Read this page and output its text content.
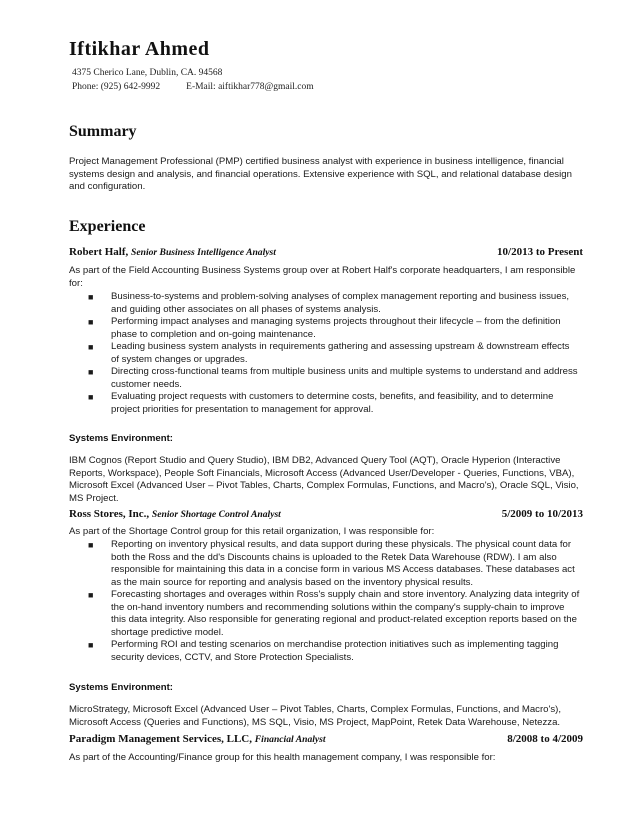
Iftikhar Ahmed
4375 Cherico Lane, Dublin, CA. 94568
Phone: (925) 642-9992	E-Mail: aiftikhar778@gmail.com
Summary
Project Management Professional (PMP) certified business analyst with experience in business intelligence, financial systems design and analysis, and financial operations. Extensive experience with SQL, and relational database design and configuration.
Experience
Robert Half, Senior Business Intelligence Analyst	10/2013 to Present
As part of the Field Accounting Business Systems group over at Robert Half's corporate headquarters, I am responsible for:
■ Business-to-systems and problem-solving analyses of complex management reporting and business issues, and guiding other associates on all phases of systems analysis.
■ Performing impact analyses and managing systems projects throughout their lifecycle – from the definition phase to completion and on-going maintenance.
■ Leading business system analysts in requirements gathering and assessing upstream & downstream effects of system changes or upgrades.
■ Directing cross-functional teams from multiple business units and multiple systems to understand and address customer needs.
■ Evaluating project requests with customers to determine costs, benefits, and feasibility, and to determine project priorities for presentation to management for approval.
Systems Environment:
IBM Cognos (Report Studio and Query Studio), IBM DB2, Advanced Query Tool (AQT), Oracle Hyperion (Interactive Reports, Workspace), People Soft Financials, Microsoft Access (Advanced User/Developer - Queries, Functions, VBA), Microsoft Excel (Advanced User – Pivot Tables, Charts, Complex Formulas, Functions, and Macro's), Oracle SQL, Visio, MS Project.
Ross Stores, Inc., Senior Shortage Control Analyst	5/2009 to 10/2013
As part of the Shortage Control group for this retail organization, I was responsible for:
■ Reporting on inventory physical results, and data support during these physicals. The physical count data for both the Ross and the dd's Discounts chains is uploaded to the Retek Data Warehouse (RDW). I am also responsible for maintaining this data in a concise form in various MS Access databases. These databases act as the main source for reporting and analysis based on the inventory physical results.
■ Forecasting shortages and overages within Ross's supply chain and store inventory. Analyzing data integrity of the on-hand inventory numbers and recommending solutions within the company's supply-chain to improve this data integrity. Also responsible for generating regional and product-related exception reports based on the shortage predictive model.
■ Performing ROI and testing scenarios on merchandise protection initiatives such as implementing tagging security devices, CCTV, and Store Protection Specialists.
Systems Environment:
MicroStrategy, Microsoft Excel (Advanced User – Pivot Tables, Charts, Complex Formulas, Functions, and Macro's), Microsoft Access (Queries and Functions), MS SQL, Visio, MS Project, MapPoint, Retek Data Warehouse, Netezza.
Paradigm Management Services, LLC, Financial Analyst	8/2008 to 4/2009
As part of the Accounting/Finance group for this health management company, I was responsible for:
